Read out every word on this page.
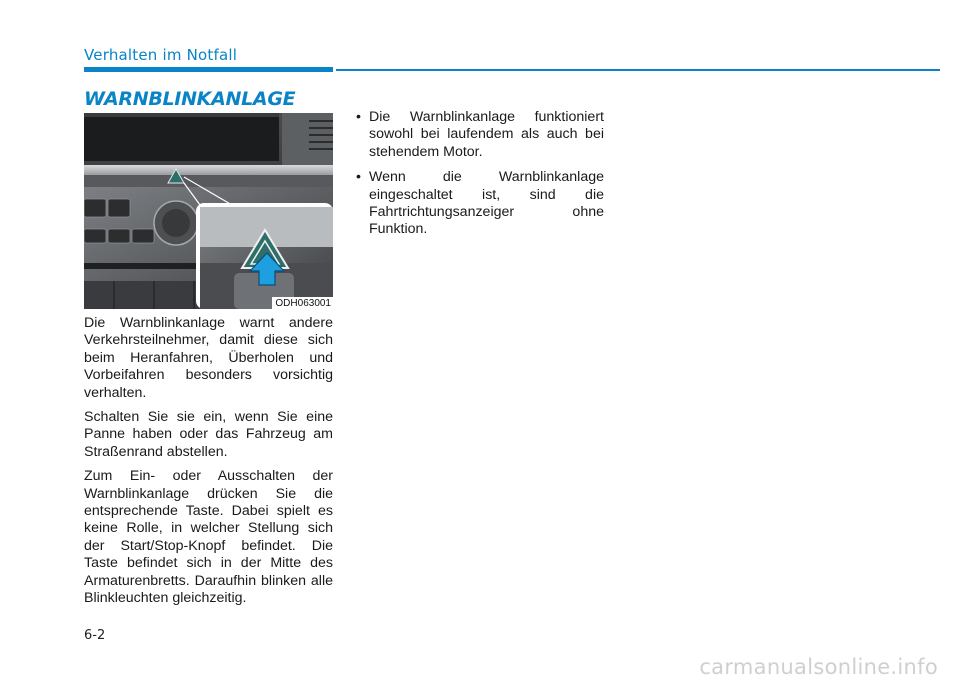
Verhalten im Notfall
WARNBLINKANLAGE
ODH063001

Die Warnblinkanlage warnt andere Verkehrsteilnehmer, damit diese sich beim Heranfahren, Überholen und Vorbeifahren besonders vorsichtig verhalten.

Schalten Sie sie ein, wenn Sie eine Panne haben oder das Fahrzeug am Straßenrand abstellen.

Zum Ein- oder Ausschalten der Warnblinkanlage drücken Sie die entsprechende Taste. Dabei spielt es keine Rolle, in welcher Stellung sich der Start/Stop-Knopf befindet. Die Taste befindet sich in der Mitte des Armaturenbretts. Daraufhin blinken alle Blinkleuchten gleichzeitig.

• Die Warnblinkanlage funktioniert sowohl bei laufendem als auch bei stehendem Motor.
• Wenn die Warnblinkanlage eingeschaltet ist, sind die Fahrtrichtungsanzeiger ohne Funktion.
6-2
carmanualsonline.info
